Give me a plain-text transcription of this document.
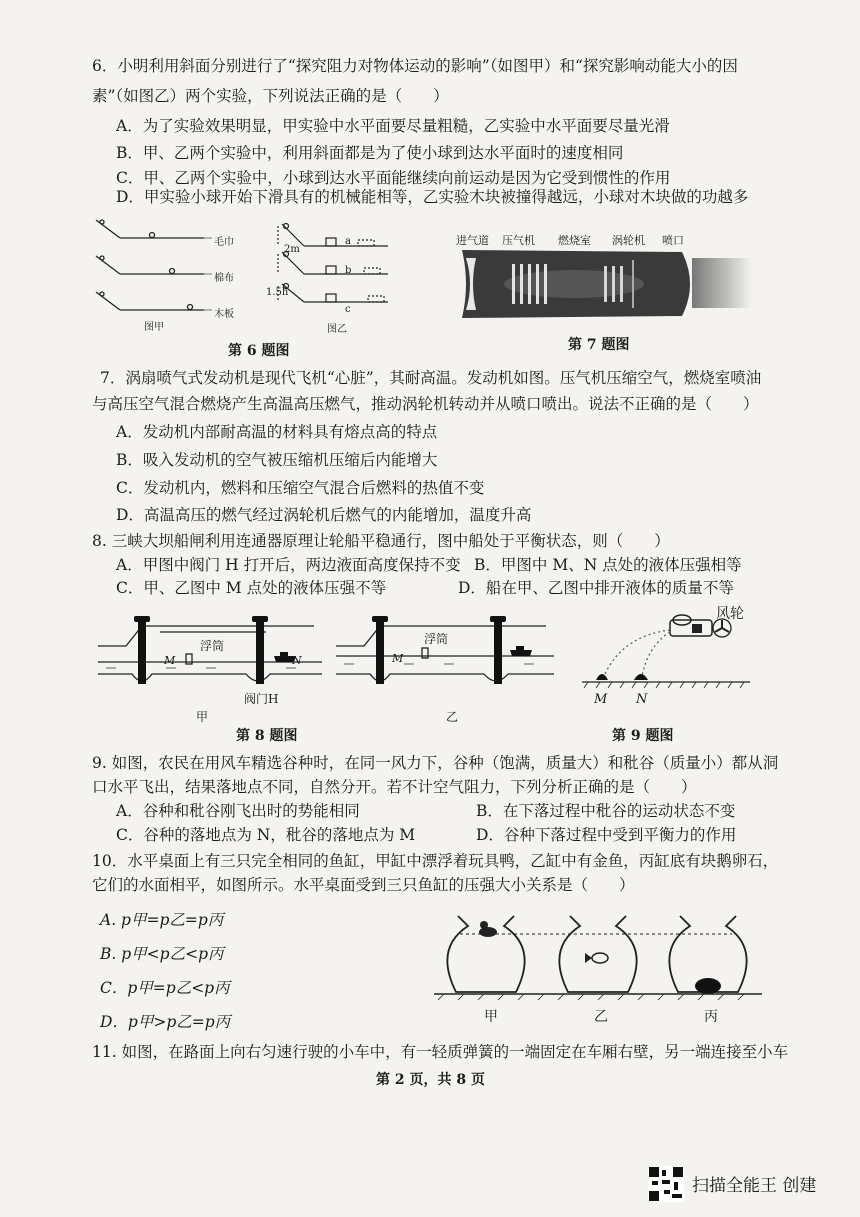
6．小明利用斜面分别进行了“探究阻力对物体运动的影响”（如图甲）和“探究影响动能大小的因
素”（如图乙）两个实验，下列说法正确的是（　　）
A．为了实验效果明显，甲实验中水平面要尽量粗糙，乙实验中水平面要尽量光滑
B．甲、乙两个实验中，利用斜面都是为了使小球到达水平面时的速度相同
C．甲、乙两个实验中，小球到达水平面能继续向前运动是因为它受到惯性的作用
D．甲实验小球开始下滑具有的机械能相等，乙实验木块被撞得越远，小球对木块做的功越多
毛巾
棉布
木板
图甲
2m
1.5h
a
b
c
图乙
第 6 题图
进气道 压气机 燃烧室 涡轮机 喷口
第 7 题图
7．涡扇喷气式发动机是现代飞机“心脏”，其耐高温。发动机如图。压气机压缩空气，燃烧室喷油
与高压空气混合燃烧产生高温高压燃气，推动涡轮机转动并从喷口喷出。说法不正确的是（　　）
A．发动机内部耐高温的材料具有熔点高的特点
B．吸入发动机的空气被压缩机压缩后内能增大
C．发动机内，燃料和压缩空气混合后燃料的热值不变
D．高温高压的燃气经过涡轮机后燃气的内能增加，温度升高
8. 三峡大坝船闸利用连通器原理让轮船平稳通行，图中船处于平衡状态，则（　　）
A．甲图中阀门 H 打开后，两边液面高度保持不变 B．甲图中 M、N 点处的液体压强相等
C．甲、乙图中 M 点处的液体压强不等	D．船在甲、乙图中排开液体的质量不等
浮筒
M	N
阀门H
甲
浮筒
M
乙
第 8 题图
风轮
M N
第 9 题图
9. 如图，农民在用风车精选谷种时，在同一风力下，谷种（饱满，质量大）和秕谷（质量小）都从洞
口水平飞出，结果落地点不同，自然分开。若不计空气阻力，下列分析正确的是（　　）
A．谷种和秕谷刚飞出时的势能相同	B．在下落过程中秕谷的运动状态不变
C．谷种的落地点为 N，秕谷的落地点为 M	D．谷种下落过程中受到平衡力的作用
10．水平桌面上有三只完全相同的鱼缸，甲缸中漂浮着玩具鸭，乙缸中有金鱼，丙缸底有块鹅卵石，
它们的水面相平，如图所示。水平桌面受到三只鱼缸的压强大小关系是（　　）
A. p甲=p乙=p丙
B. p甲<p乙<p丙
C．p甲=p乙<p丙
D．p甲>p乙=p丙	甲	乙	丙
11. 如图，在路面上向右匀速行驶的小车中，有一轻质弹簧的一端固定在车厢右壁，另一端连接至小车
第 2 页，共 8 页
扫描全能王 创建
